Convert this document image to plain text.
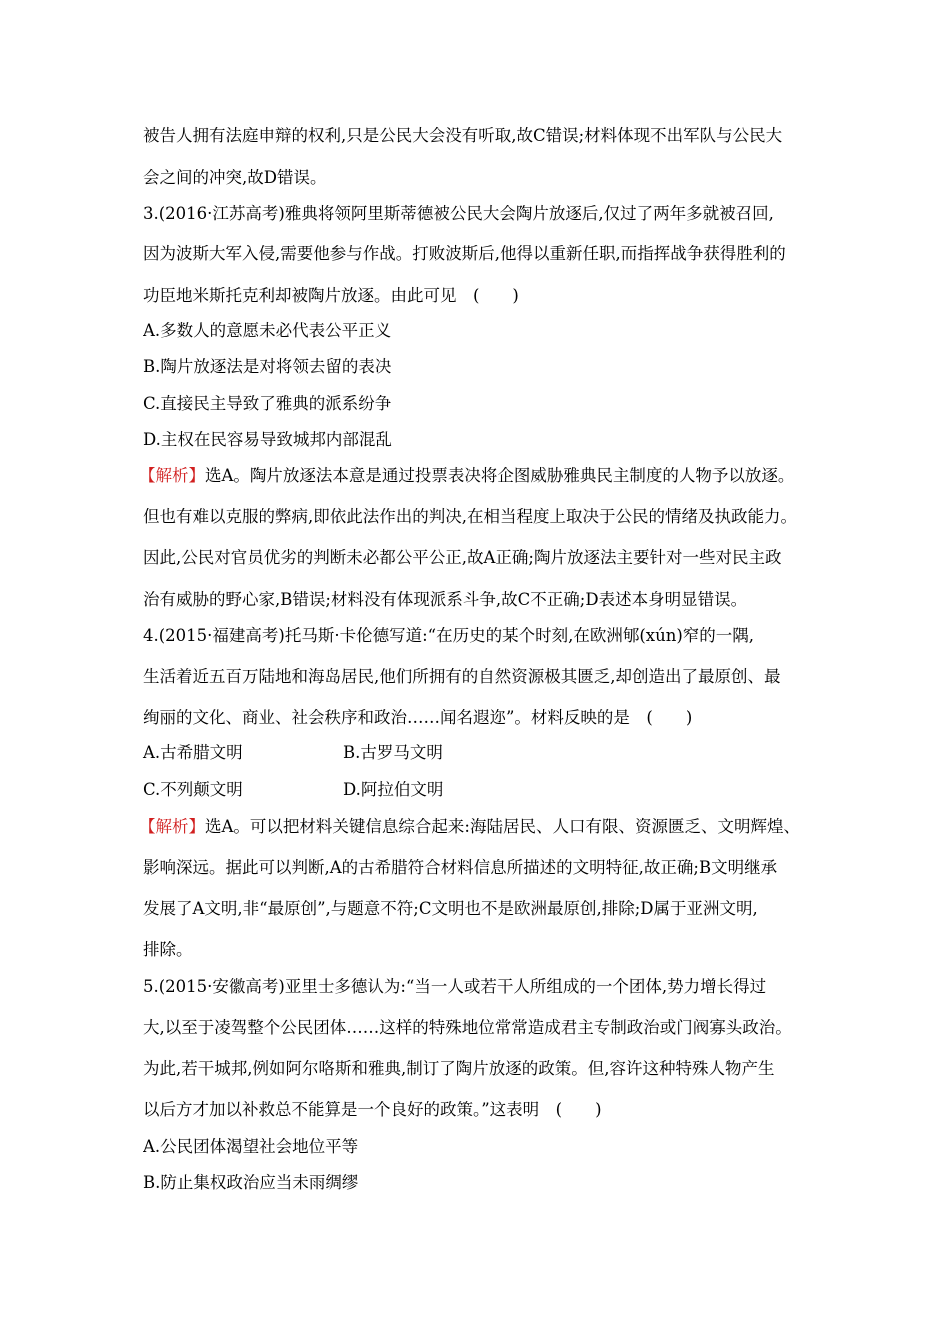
被告人拥有法庭申辩的权利,只是公民大会没有听取,故C错误;材料体现不出军队与公民大
会之间的冲突,故D错误。
3.(2016·江苏高考)雅典将领阿里斯蒂德被公民大会陶片放逐后,仅过了两年多就被召回,
因为波斯大军入侵,需要他参与作战。打败波斯后,他得以重新任职,而指挥战争获得胜利的
功臣地米斯托克利却被陶片放逐。由此可见　(　　)
A.多数人的意愿未必代表公平正义
B.陶片放逐法是对将领去留的表决
C.直接民主导致了雅典的派系纷争
D.主权在民容易导致城邦内部混乱
【解析】选A。陶片放逐法本意是通过投票表决将企图威胁雅典民主制度的人物予以放逐。
但也有难以克服的弊病,即依此法作出的判决,在相当程度上取决于公民的情绪及执政能力。
因此,公民对官员优劣的判断未必都公平公正,故A正确;陶片放逐法主要针对一些对民主政
治有威胁的野心家,B错误;材料没有体现派系斗争,故C不正确;D表述本身明显错误。
4.(2015·福建高考)托马斯·卡伦德写道:“在历史的某个时刻,在欧洲郇(xún)窄的一隅,
生活着近五百万陆地和海岛居民,他们所拥有的自然资源极其匮乏,却创造出了最原创、最
绚丽的文化、商业、社会秩序和政治……闻名遐迩”。材料反映的是　(　　)
A.古希腊文明	B.古罗马文明
C.不列颠文明	D.阿拉伯文明
【解析】选A。可以把材料关键信息综合起来:海陆居民、人口有限、资源匮乏、文明辉煌、
影响深远。据此可以判断,A的古希腊符合材料信息所描述的文明特征,故正确;B文明继承
发展了A文明,非“最原创”,与题意不符;C文明也不是欧洲最原创,排除;D属于亚洲文明,
排除。
5.(2015·安徽高考)亚里士多德认为:“当一人或若干人所组成的一个团体,势力增长得过
大,以至于凌驾整个公民团体……这样的特殊地位常常造成君主专制政治或门阀寡头政治。
为此,若干城邦,例如阿尔咯斯和雅典,制订了陶片放逐的政策。但,容许这种特殊人物产生
以后方才加以补救总不能算是一个良好的政策。”这表明　(　　)
A.公民团体渴望社会地位平等
B.防止集权政治应当未雨绸缪
